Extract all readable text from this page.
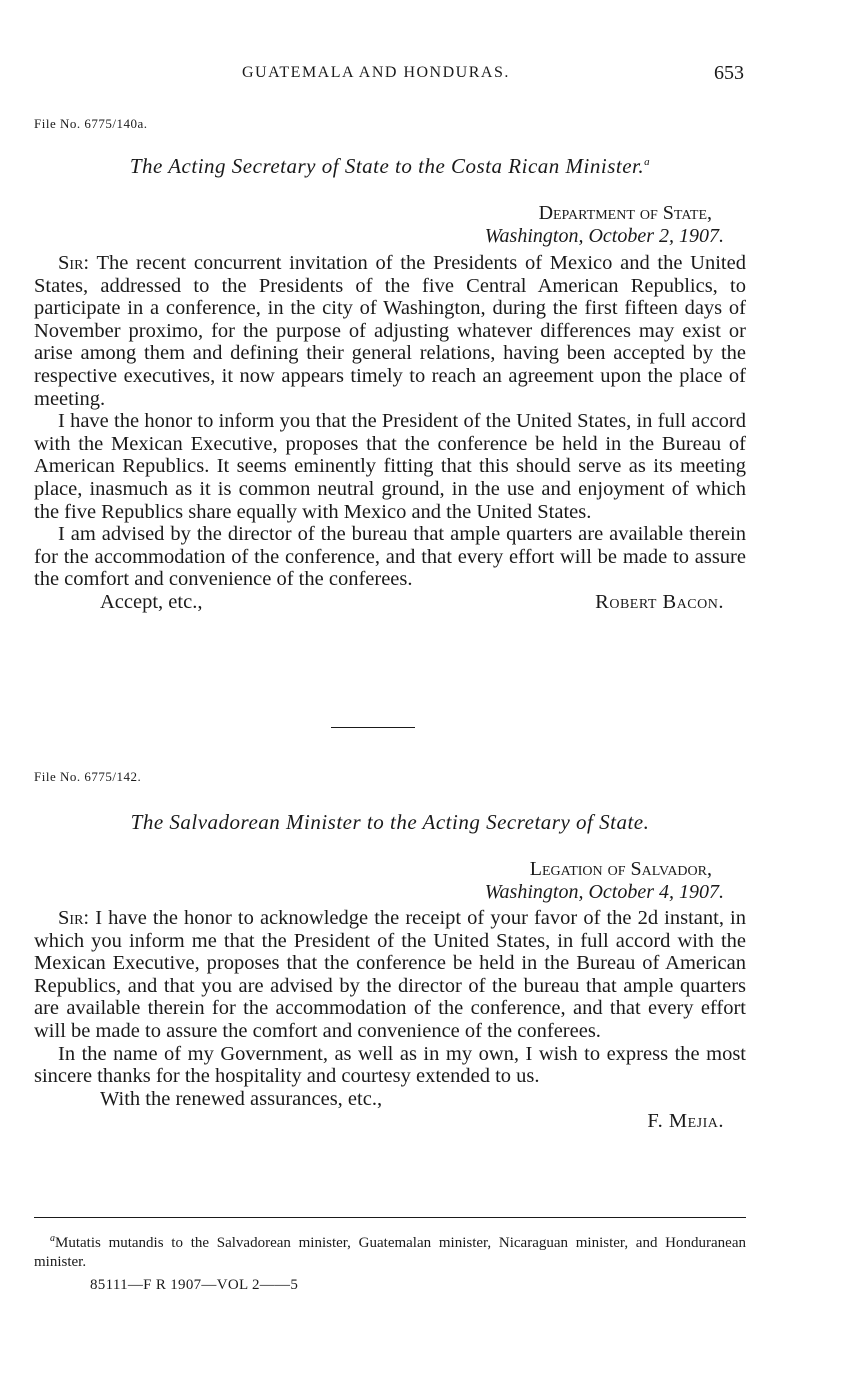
GUATEMALA AND HONDURAS.	653
File No. 6775/140a.
The Acting Secretary of State to the Costa Rican Minister.$^a$
Department of State,
Washington, October 2, 1907.

Sir: The recent concurrent invitation of the Presidents of Mexico and the United States, addressed to the Presidents of the five Central American Republics, to participate in a conference, in the city of Washington, during the first fifteen days of November proximo, for the purpose of adjusting whatever differences may exist or arise among them and defining their general relations, having been accepted by the respective executives, it now appears timely to reach an agreement upon the place of meeting.

I have the honor to inform you that the President of the United States, in full accord with the Mexican Executive, proposes that the conference be held in the Bureau of American Republics. It seems eminently fitting that this should serve as its meeting place, inasmuch as it is common neutral ground, in the use and enjoyment of which the five Republics share equally with Mexico and the United States.

I am advised by the director of the bureau that ample quarters are available therein for the accommodation of the conference, and that every effort will be made to assure the comfort and convenience of the conferees.

Accept, etc.,	Robert Bacon.
File No. 6775/142.
The Salvadorean Minister to the Acting Secretary of State.
Legation of Salvador,
Washington, October 4, 1907.

Sir: I have the honor to acknowledge the receipt of your favor of the 2d instant, in which you inform me that the President of the United States, in full accord with the Mexican Executive, proposes that the conference be held in the Bureau of American Republics, and that you are advised by the director of the bureau that ample quarters are available therein for the accommodation of the conference, and that every effort will be made to assure the comfort and convenience of the conferees.

In the name of my Government, as well as in my own, I wish to express the most sincere thanks for the hospitality and courtesy extended to us.

With the renewed assurances, etc.,

F. Mejia.
$^a$Mutatis mutandis to the Salvadorean minister, Guatemalan minister, Nicaraguan minister, and Honduranean minister.
85111—F R 1907—VOL 2——5
